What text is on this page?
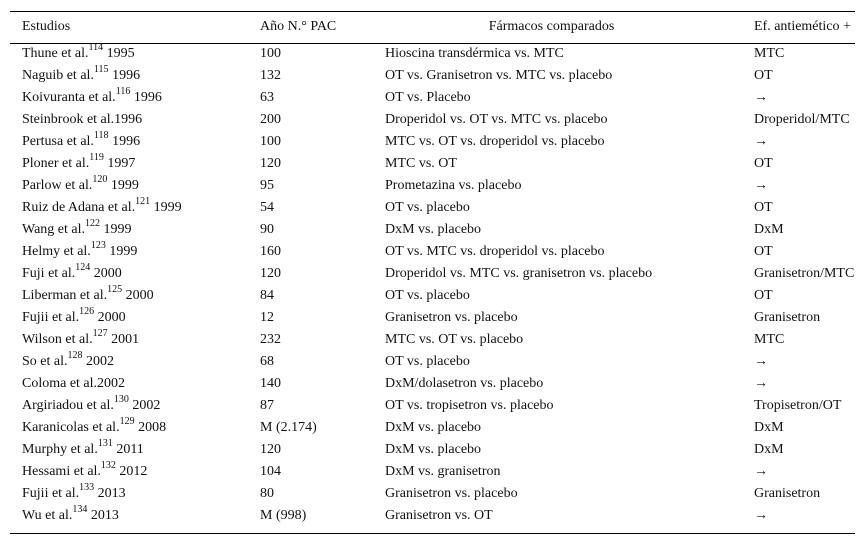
Estudios	Año N.° PAC	Fármacos comparados	Ef. antiemético +
Thune et al.$^{114}$ 1995	100	Hioscina transdérmica vs. MTC	MTC
Naguib et al.$^{115}$ 1996	132	OT vs. Granisetron vs. MTC vs. placebo	OT
Koivuranta et al.$^{116}$ 1996	63	OT vs. Placebo	→
Steinbrook et al.1996	200	Droperidol vs. OT vs. MTC vs. placebo	Droperidol/MTC
Pertusa et al.$^{118}$ 1996	100	MTC vs. OT vs. droperidol vs. placebo	→
Ploner et al.$^{119}$ 1997	120	MTC vs. OT	OT
Parlow et al.$^{120}$ 1999	95	Prometazina vs. placebo	→
Ruiz de Adana et al.$^{121}$ 1999	54	OT vs. placebo	OT
Wang et al.$^{122}$ 1999	90	DxM vs. placebo	DxM
Helmy et al.$^{123}$ 1999	160	OT vs. MTC vs. droperidol vs. placebo	OT
Fuji et al.$^{124}$ 2000	120	Droperidol vs. MTC vs. granisetron vs. placebo	Granisetron/MTC
Liberman et al.$^{125}$ 2000	84	OT vs. placebo	OT
Fujii et al.$^{126}$ 2000	12	Granisetron vs. placebo	Granisetron
Wilson et al.$^{127}$ 2001	232	MTC vs. OT vs. placebo	MTC
So et al.$^{128}$ 2002	68	OT vs. placebo	→
Coloma et al.2002	140	DxM/dolasetron vs. placebo	→
Argiriadou et al.$^{130}$ 2002	87	OT vs. tropisetron vs. placebo	Tropisetron/OT
Karanicolas et al.$^{129}$ 2008	M (2.174)	DxM vs. placebo	DxM
Murphy et al.$^{131}$ 2011	120	DxM vs. placebo	DxM
Hessami et al.$^{132}$ 2012	104	DxM vs. granisetron	→
Fujii et al.$^{133}$ 2013	80	Granisetron vs. placebo	Granisetron
Wu et al.$^{134}$ 2013	M (998)	Granisetron vs. OT	→
